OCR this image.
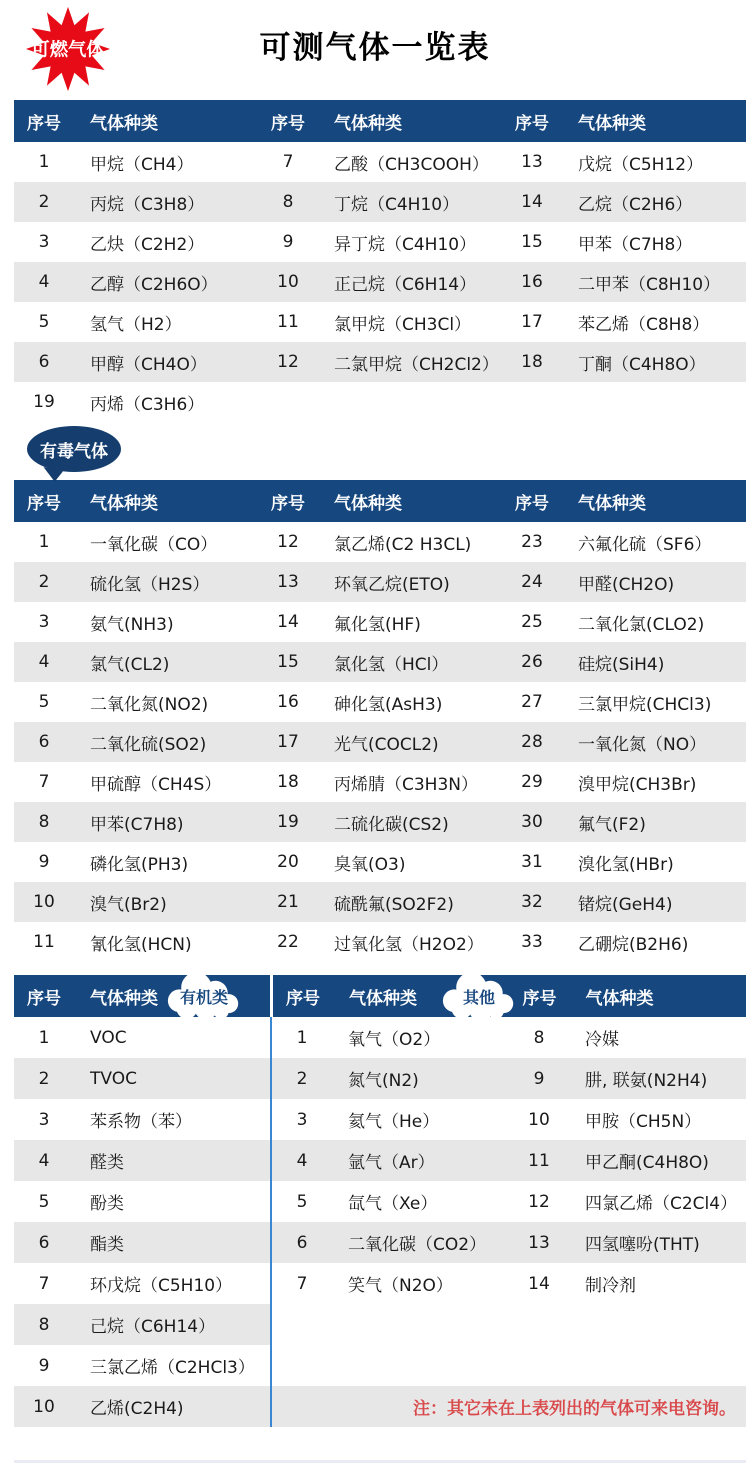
可燃气体	可测气体一览表
序号	气体种类	序号	气体种类	序号	气体种类
1	甲烷（CH4）	7	乙酸（CH3COOH）	13	戊烷（C5H12）
2	丙烷（C3H8）	8	丁烷（C4H10）	14	乙烷（C2H6）
3	乙炔（C2H2）	9	异丁烷（C4H10）	15	甲苯（C7H8）
4	乙醇（C2H6O）	10	正己烷（C6H14）	16	二甲苯（C8H10）
5	氢气（H2）	11	氯甲烷（CH3Cl）	17	苯乙烯（C8H8）
6	甲醇（CH4O）	12	二氯甲烷（CH2Cl2）	18	丁酮（C4H8O）
19	丙烯（C3H6）
有毒气体
序号	气体种类	序号	气体种类	序号	气体种类
1	一氧化碳（CO）	12	氯乙烯(C2 H3CL)	23	六氟化硫（SF6）
2	硫化氢（H2S）	13	环氧乙烷(ETO)	24	甲醛(CH2O)
3	氨气(NH3)	14	氟化氢(HF)	25	二氧化氯(CLO2)
4	氯气(CL2)	15	氯化氢（HCl）	26	硅烷(SiH4)
5	二氧化氮(NO2)	16	砷化氢(AsH3)	27	三氯甲烷(CHCl3)
6	二氧化硫(SO2)	17	光气(COCL2)	28	一氧化氮（NO）
7	甲硫醇（CH4S）	18	丙烯腈（C3H3N）	29	溴甲烷(CH3Br)
8	甲苯(C7H8)	19	二硫化碳(CS2)	30	氟气(F2)
9	磷化氢(PH3)	20	臭氧(O3)	31	溴化氢(HBr)
10	溴气(Br2)	21	硫酰氟(SO2F2)	32	锗烷(GeH4)
11	氰化氢(HCN)	22	过氧化氢（H2O2）	33	乙硼烷(B2H6)
序号	气体种类	有机类	序号	气体种类	序号	气体种类
其他
1	VOC	1	氧气（O2）	8	冷媒
2	TVOC	2	氮气(N2)	9	肼, 联氨(N2H4)
3	苯系物（苯）	3	氦气（He）	10	甲胺（CH5N）
4	醛类	4	氩气（Ar）	11	甲乙酮(C4H8O)
5	酚类	5	氙气（Xe）	12	四氯乙烯（C2Cl4）
6	酯类	6	二氧化碳（CO2）	13	四氢噻吩(THT)
7	环戊烷（C5H10）	7	笑气（N2O）	14	制冷剂
8	己烷（C6H14）
9	三氯乙烯（C2HCl3）
10	乙烯(C2H4)	注：其它未在上表列出的气体可来电咨询。
